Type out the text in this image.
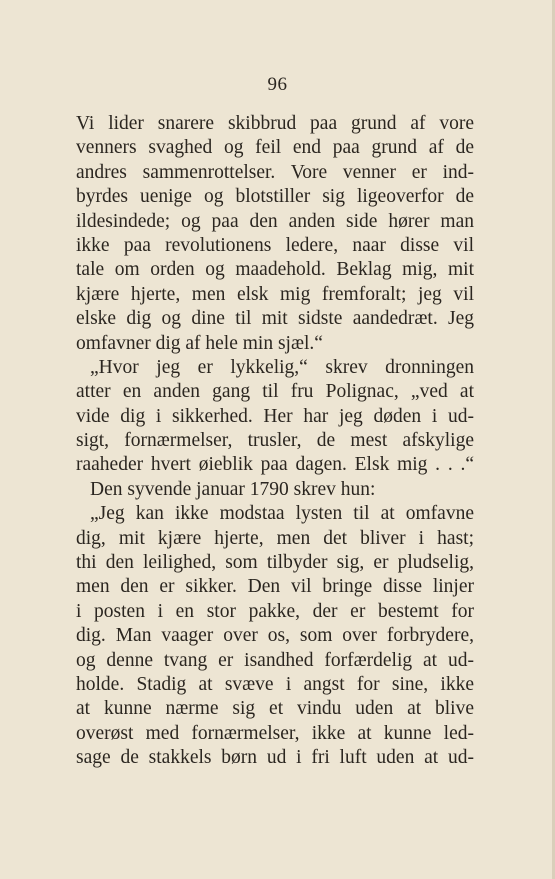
96
Vi lider snarere skibbrud paa grund af vore
venners svaghed og feil end paa grund af de
andres sammenrottelser. Vore venner er ind-
byrdes uenige og blotstiller sig ligeoverfor de
ildesindede; og paa den anden side hører man
ikke paa revolutionens ledere, naar disse vil
tale om orden og maadehold. Beklag mig, mit
kjære hjerte, men elsk mig fremforalt; jeg vil
elske dig og dine til mit sidste aandedræt. Jeg
omfavner dig af hele min sjæl.“
„Hvor jeg er lykkelig,“ skrev dronningen
atter en anden gang til fru Polignac, „ved at
vide dig i sikkerhed. Her har jeg døden i ud-
sigt, fornærmelser, trusler, de mest afskylige
raaheder hvert øieblik paa dagen. Elsk mig . . .“
Den syvende januar 1790 skrev hun:
„Jeg kan ikke modstaa lysten til at omfavne
dig, mit kjære hjerte, men det bliver i hast;
thi den leilighed, som tilbyder sig, er pludselig,
men den er sikker. Den vil bringe disse linjer
i posten i en stor pakke, der er bestemt for
dig. Man vaager over os, som over forbrydere,
og denne tvang er isandhed forfærdelig at ud-
holde. Stadig at svæve i angst for sine, ikke
at kunne nærme sig et vindu uden at blive
overøst med fornærmelser, ikke at kunne led-
sage de stakkels børn ud i fri luft uden at ud-
